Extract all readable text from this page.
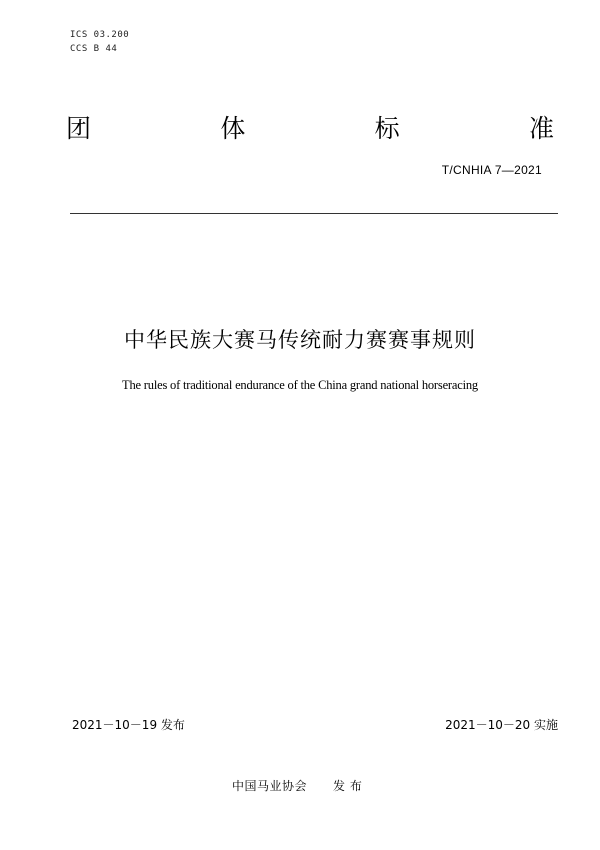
ICS 03.200
CCS B 44
团	体	标	准
T/CNHIA 7—2021
中华民族大赛马传统耐力赛赛事规则
The rules of traditional endurance of the China grand national horseracing
2021－10－19 发布	2021－10－20 实施
中国马业协会 发 布
